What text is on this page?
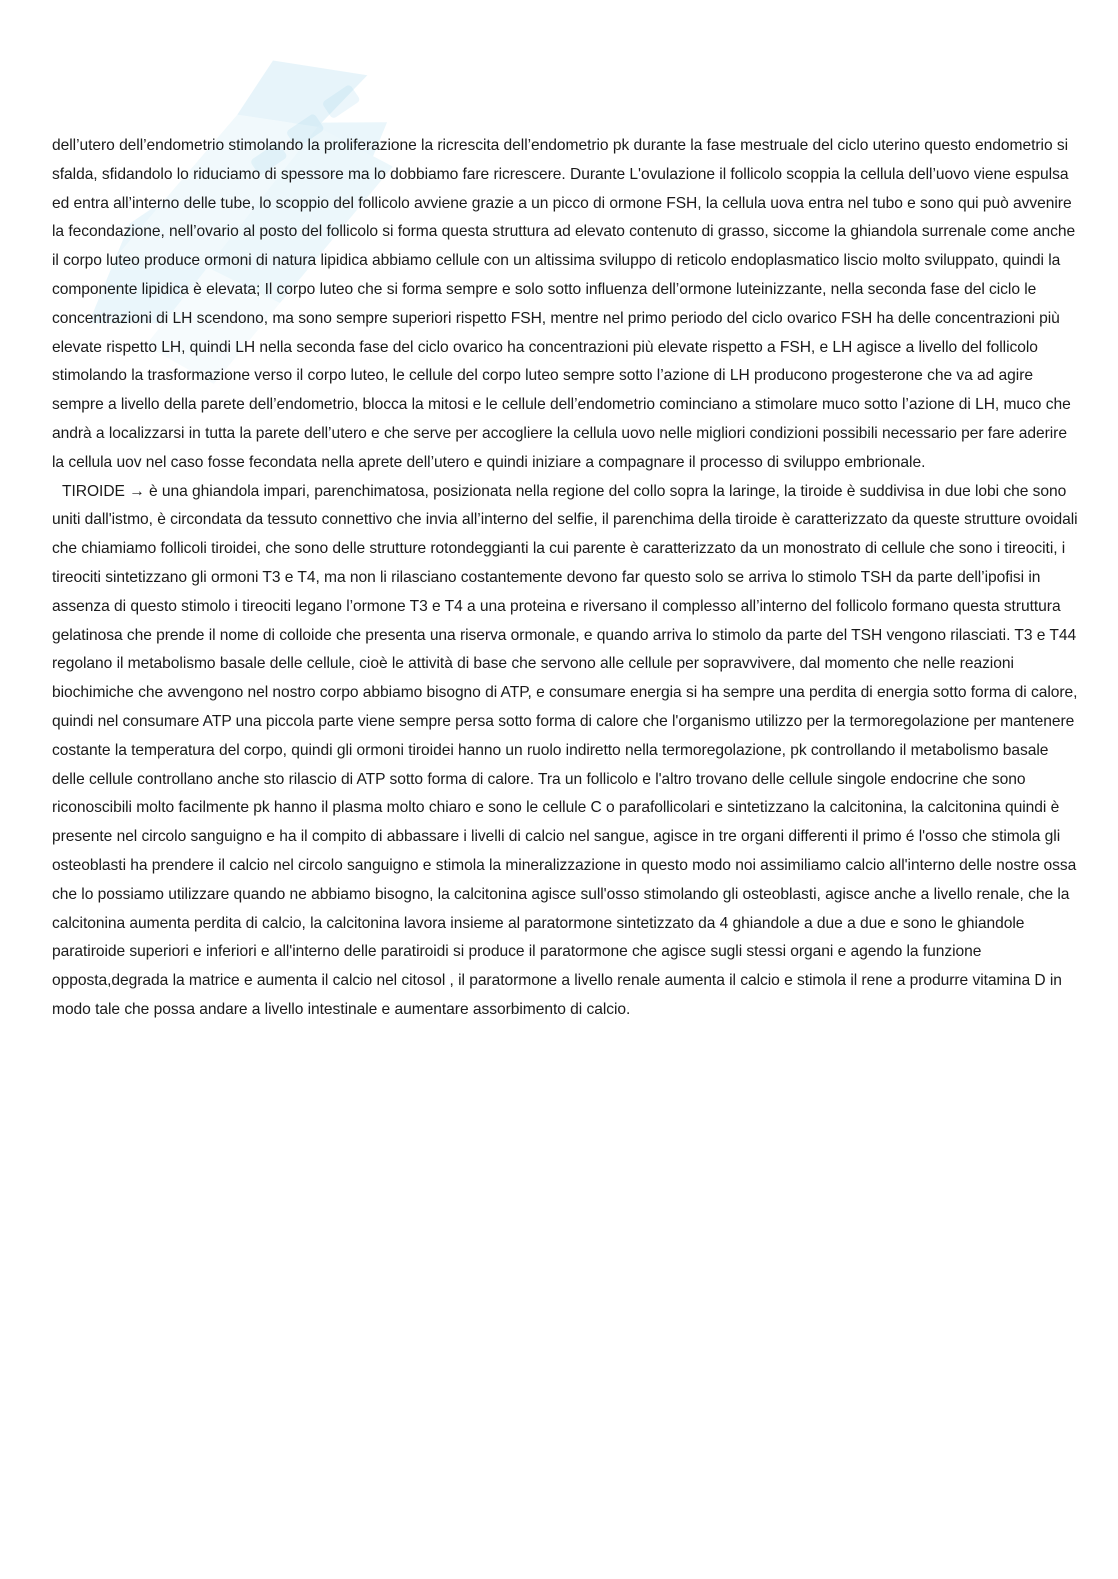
dell’utero dell’endometrio stimolando la proliferazione la ricrescita dell’endometrio pk durante la fase mestruale del ciclo uterino questo endometrio si sfalda, sfidandolo lo riduciamo di spessore ma lo dobbiamo fare ricrescere. Durante L'ovulazione il follicolo scoppia la cellula dell’uovo viene espulsa ed entra all’interno delle tube, lo scoppio del follicolo avviene grazie a un picco di ormone FSH, la cellula uova entra nel tubo e sono qui può avvenire la fecondazione, nell’ovario al posto del follicolo si forma questa struttura ad elevato contenuto di grasso, siccome la ghiandola surrenale come anche il corpo luteo produce ormoni di natura lipidica abbiamo cellule con un altissima sviluppo di reticolo endoplasmatico liscio molto sviluppato, quindi la componente lipidica è elevata; Il corpo luteo che si forma sempre e solo sotto influenza dell’ormone luteinizzante, nella seconda fase del ciclo le concentrazioni di LH scendono, ma sono sempre superiori rispetto FSH, mentre nel primo periodo del ciclo ovarico FSH ha delle concentrazioni più elevate rispetto LH, quindi LH nella seconda fase del ciclo ovarico ha concentrazioni più elevate rispetto a FSH, e LH agisce a livello del follicolo stimolando la trasformazione verso il corpo luteo, le cellule del corpo luteo sempre sotto l’azione di LH producono progesterone che va ad agire sempre a livello della parete dell’endometrio, blocca la mitosi e le cellule dell’endometrio cominciano a stimolare muco sotto l’azione di LH, muco che andrà a localizzarsi in tutta la parete dell’utero e che serve per accogliere la cellula uovo nelle migliori condizioni possibili necessario per fare aderire la cellula uov nel caso fosse fecondata nella aprete dell’utero e quindi iniziare a compagnare il processo di sviluppo embrionale.

TIROIDE → è una ghiandola impari, parenchimatosa, posizionata nella regione del collo sopra la laringe, la tiroide è suddivisa in due lobi che sono uniti dall'istmo, è circondata da tessuto connettivo che invia all’interno del selfie, il parenchima della tiroide è caratterizzato da queste strutture ovoidali che chiamiamo follicoli tiroidei, che sono delle strutture rotondeggianti la cui parente è caratterizzato da un monostrato di cellule che sono i tireociti, i tireociti sintetizzano gli ormoni T3 e T4, ma non li rilasciano costantemente devono far questo solo se arriva lo stimolo TSH da parte dell’ipofisi in assenza di questo stimolo i tireociti legano l’ormone T3 e T4 a una proteina e riversano il complesso all’interno del follicolo formano questa struttura gelatinosa che prende il nome di colloide che presenta una riserva ormonale, e quando arriva lo stimolo da parte del TSH vengono rilasciati. T3 e T44 regolano il metabolismo basale delle cellule, cioè le attività di base che servono alle cellule per sopravvivere, dal momento che nelle reazioni biochimiche che avvengono nel nostro corpo abbiamo bisogno di ATP, e consumare energia si ha sempre una perdita di energia sotto forma di calore, quindi nel consumare ATP una piccola parte viene sempre persa sotto forma di calore che l'organismo utilizzo per la termoregolazione per mantenere costante la temperatura del corpo, quindi gli ormoni tiroidei hanno un ruolo indiretto nella termoregolazione, pk controllando il metabolismo basale delle cellule controllano anche sto rilascio di ATP sotto forma di calore. Tra un follicolo e l'altro trovano delle cellule singole endocrine che sono riconoscibili molto facilmente pk hanno il plasma molto chiaro e sono le cellule C o parafollicolari e sintetizzano la calcitonina, la calcitonina quindi è presente nel circolo sanguigno e ha il compito di abbassare i livelli di calcio nel sangue, agisce in tre organi differenti il primo é l'osso che stimola gli osteoblasti ha prendere il calcio nel circolo sanguigno e stimola la mineralizzazione in questo modo noi assimiliamo calcio all'interno delle nostre ossa che lo possiamo utilizzare quando ne abbiamo bisogno, la calcitonina agisce sull'osso stimolando gli osteoblasti, agisce anche a livello renale, che la calcitonina aumenta perdita di calcio, la calcitonina lavora insieme al paratormone sintetizzato da 4 ghiandole a due a due e sono le ghiandole paratiroide superiori e inferiori e all'interno delle paratiroidi si produce il paratormone che agisce sugli stessi organi e agendo la funzione opposta,degrada la matrice e aumenta il calcio nel citosol , il paratormone a livello renale aumenta il calcio e stimola il rene a produrre vitamina D in modo tale che possa andare a livello intestinale e aumentare assorbimento di calcio.
